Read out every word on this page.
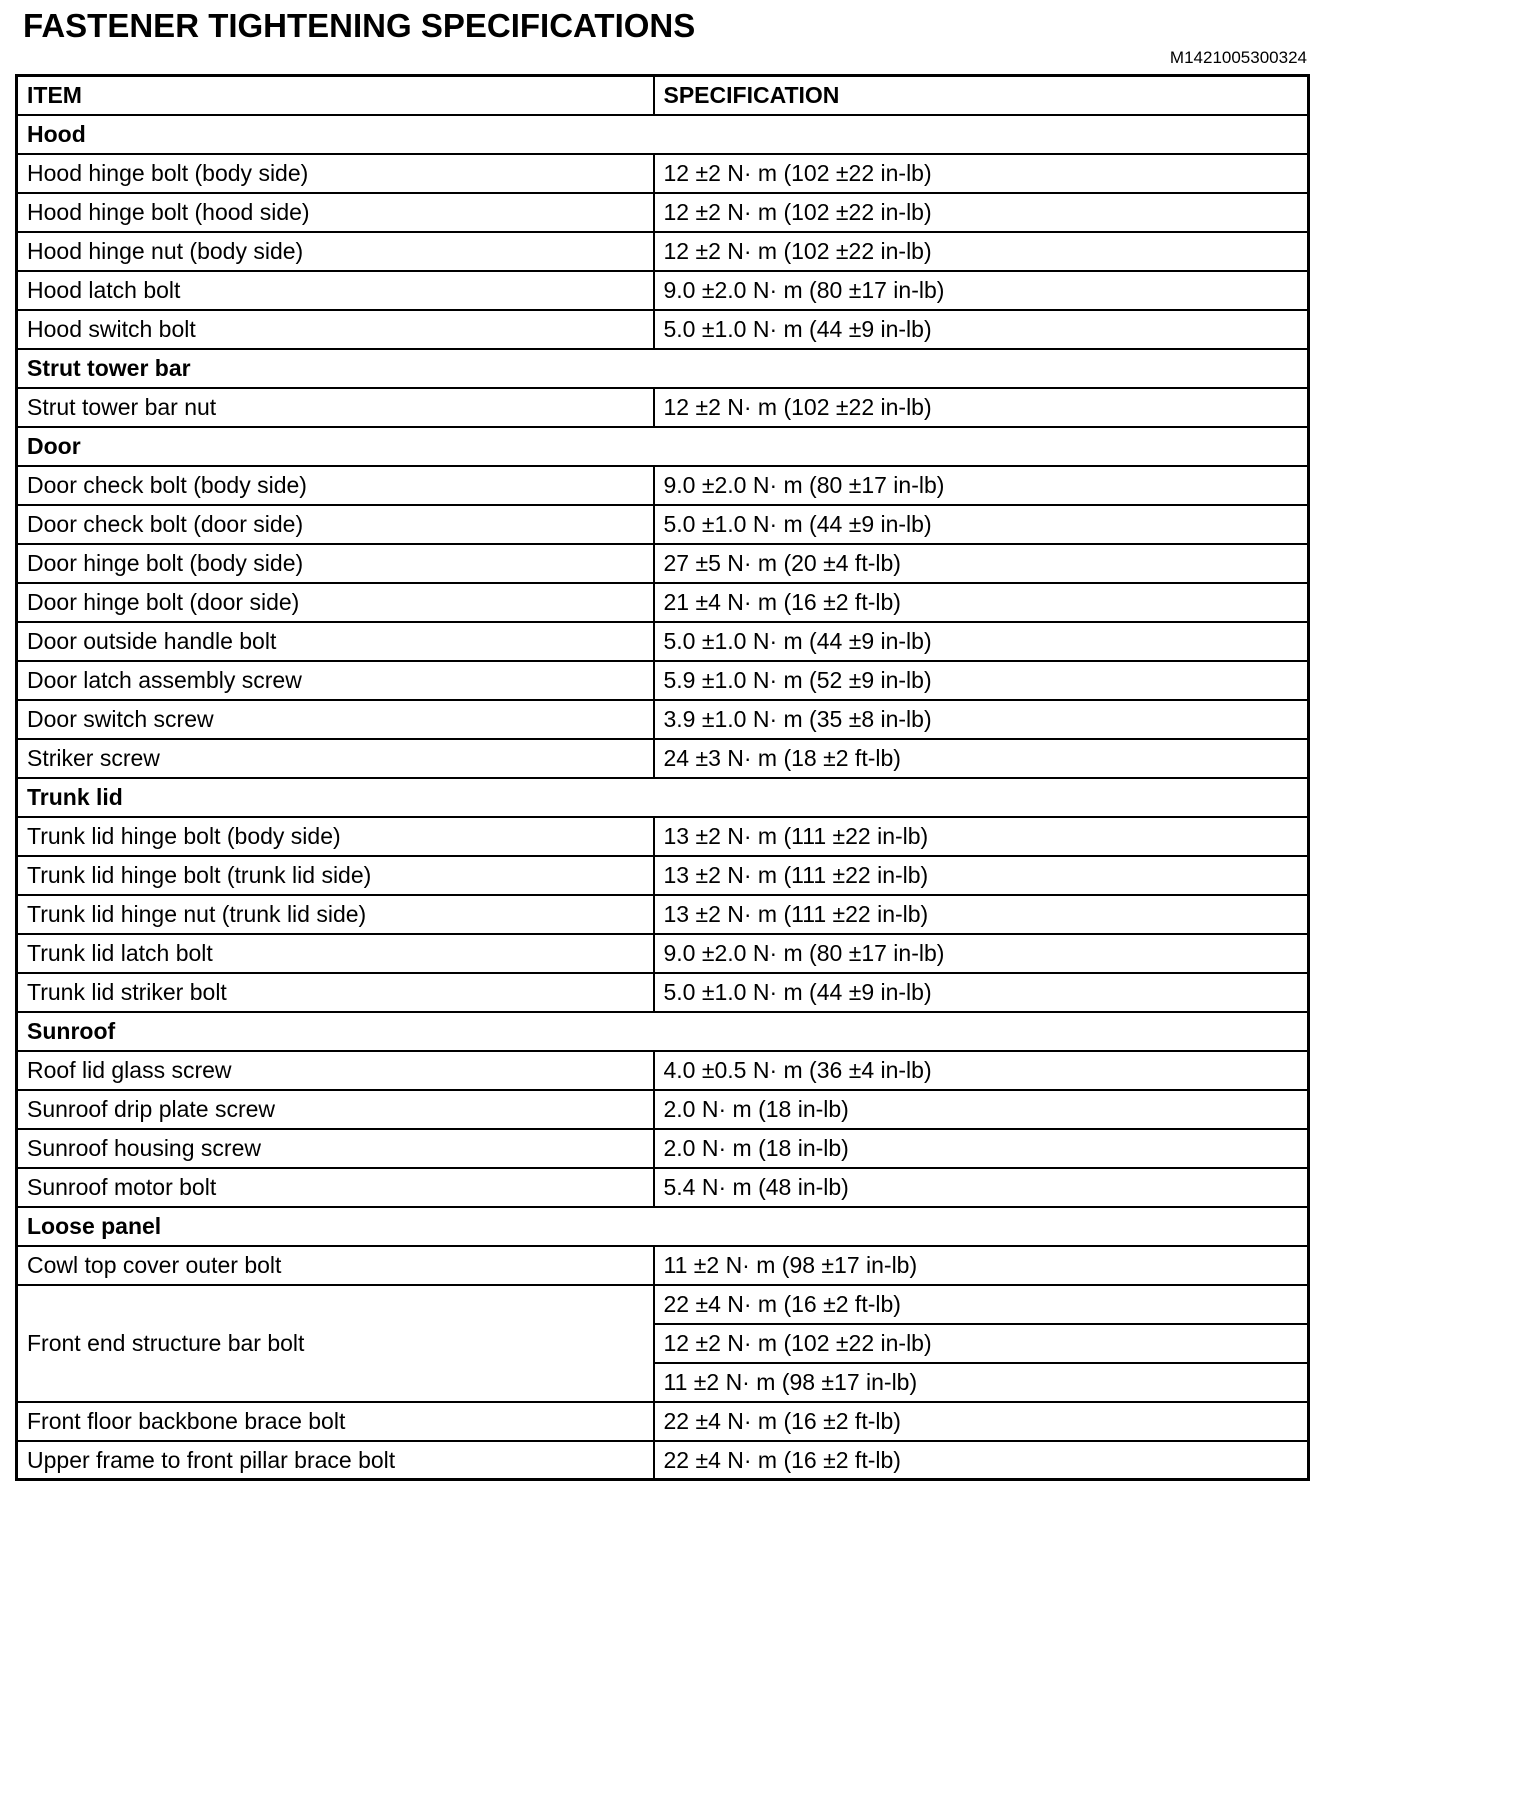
FASTENER TIGHTENING SPECIFICATIONS
M1421005300324
ITEM	SPECIFICATION
Hood	
Hood hinge bolt (body side)	12 ±2 N· m (102 ±22 in-lb)
Hood hinge bolt (hood side)	12 ±2 N· m (102 ±22 in-lb)
Hood hinge nut (body side)	12 ±2 N· m (102 ±22 in-lb)
Hood latch bolt	9.0 ±2.0 N· m (80 ±17 in-lb)
Hood switch bolt	5.0 ±1.0 N· m (44 ±9 in-lb)
Strut tower bar	
Strut tower bar nut	12 ±2 N· m (102 ±22 in-lb)
Door	
Door check bolt (body side)	9.0 ±2.0 N· m (80 ±17 in-lb)
Door check bolt (door side)	5.0 ±1.0 N· m (44 ±9 in-lb)
Door hinge bolt (body side)	27 ±5 N· m (20 ±4 ft-lb)
Door hinge bolt (door side)	21 ±4 N· m (16 ±2 ft-lb)
Door outside handle bolt	5.0 ±1.0 N· m (44 ±9 in-lb)
Door latch assembly screw	5.9 ±1.0 N· m (52 ±9 in-lb)
Door switch screw	3.9 ±1.0 N· m (35 ±8 in-lb)
Striker screw	24 ±3 N· m (18 ±2 ft-lb)
Trunk lid	
Trunk lid hinge bolt (body side)	13 ±2 N· m (111 ±22 in-lb)
Trunk lid hinge bolt (trunk lid side)	13 ±2 N· m (111 ±22 in-lb)
Trunk lid hinge nut (trunk lid side)	13 ±2 N· m (111 ±22 in-lb)
Trunk lid latch bolt	9.0 ±2.0 N· m (80 ±17 in-lb)
Trunk lid striker bolt	5.0 ±1.0 N· m (44 ±9 in-lb)
Sunroof	
Roof lid glass screw	4.0 ±0.5 N· m (36 ±4 in-lb)
Sunroof drip plate screw	2.0 N· m (18 in-lb)
Sunroof housing screw	2.0 N· m (18 in-lb)
Sunroof motor bolt	5.4 N· m (48 in-lb)
Loose panel	
Cowl top cover outer bolt	11 ±2 N· m (98 ±17 in-lb)
Front end structure bar bolt	22 ±4 N· m (16 ±2 ft-lb)
	12 ±2 N· m (102 ±22 in-lb)
	11 ±2 N· m (98 ±17 in-lb)
Front floor backbone brace bolt	22 ±4 N· m (16 ±2 ft-lb)
Upper frame to front pillar brace bolt	22 ±4 N· m (16 ±2 ft-lb)
